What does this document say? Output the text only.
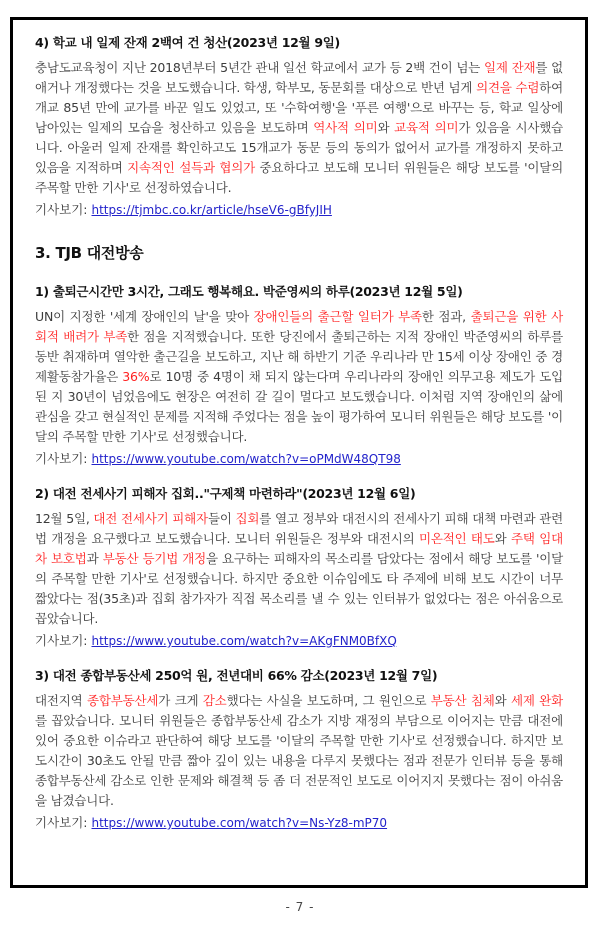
4) 학교 내 일제 잔재 2백여 건 청산(2023년 12월 9일)

충남도교육청이 지난 2018년부터 5년간 관내 일선 학교에서 교가 등 2백 건이 넘는 일제 잔재를 없애거나 개정했다는 것을 보도했습니다. 학생, 학부모, 동문회를 대상으로 반년 넘게 의견을 수렴하여 개교 85년 만에 교가를 바꾼 일도 있었고, 또 '수학여행'을 '푸른 여행'으로 바꾸는 등, 학교 일상에 남아있는 일제의 모습을 청산하고 있음을 보도하며 역사적 의미와 교육적 의미가 있음을 시사했습니다. 아울러 일제 잔재를 확인하고도 15개교가 동문 등의 동의가 없어서 교가를 개정하지 못하고 있음을 지적하며 지속적인 설득과 협의가 중요하다고 보도해 모니터 위원들은 해당 보도를 '이달의 주목할 만한 기사'로 선정하였습니다.

기사보기: https://tjmbc.co.kr/article/hseV6-gBfyJIH

3. TJB 대전방송
1) 출퇴근시간만 3시간, 그래도 행복해요. 박준영씨의 하루(2023년 12월 5일)

UN이 지정한 '세계 장애인의 날'을 맞아 장애인들의 출근할 일터가 부족한 점과, 출퇴근을 위한 사회적 배려가 부족한 점을 지적했습니다. 또한 당진에서 출퇴근하는 지적 장애인 박준영씨의 하루를 동반 취재하며 열악한 출근길을 보도하고, 지난 해 하반기 기준 우리나라 만 15세 이상 장애인 중 경제활동참가율은 36%로 10명 중 4명이 채 되지 않는다며 우리나라의 장애인 의무고용 제도가 도입된 지 30년이 넘었음에도 현장은 여전히 갈 길이 멀다고 보도했습니다. 이처럼 지역 장애인의 삶에 관심을 갖고 현실적인 문제를 지적해 주었다는 점을 높이 평가하여 모니터 위원들은 해당 보도를 '이달의 주목할 만한 기사'로 선정했습니다.

기사보기: https://www.youtube.com/watch?v=oPMdW48QT98

2) 대전 전세사기 피해자 집회.."구제책 마련하라"(2023년 12월 6일)

12월 5일, 대전 전세사기 피해자들이 집회를 열고 정부와 대전시의 전세사기 피해 대책 마련과 관련 법 개정을 요구했다고 보도했습니다. 모니터 위원들은 정부와 대전시의 미온적인 태도와 주택 임대차 보호법과 부동산 등기법 개정을 요구하는 피해자의 목소리를 담았다는 점에서 해당 보도를 '이달의 주목할 만한 기사'로 선정했습니다. 하지만 중요한 이슈임에도 타 주제에 비해 보도 시간이 너무 짧았다는 점(35초)과 집회 참가자가 직접 목소리를 낼 수 있는 인터뷰가 없었다는 점은 아쉬움으로 꼽았습니다.

기사보기: https://www.youtube.com/watch?v=AKgFNM0BfXQ

3) 대전 종합부동산세 250억 원, 전년대비 66% 감소(2023년 12월 7일)

대전지역 종합부동산세가 크게 감소했다는 사실을 보도하며, 그 원인으로 부동산 침체와 세제 완화를 꼽았습니다. 모니터 위원들은 종합부동산세 감소가 지방 재정의 부담으로 이어지는 만큼 대전에 있어 중요한 이슈라고 판단하여 해당 보도를 '이달의 주목할 만한 기사'로 선정했습니다. 하지만 보도시간이 30초도 안될 만큼 짧아 깊이 있는 내용을 다루지 못했다는 점과 전문가 인터뷰 등을 통해 종합부동산세 감소로 인한 문제와 해결책 등 좀 더 전문적인 보도로 이어지지 못했다는 점이 아쉬움을 남겼습니다.

기사보기: https://www.youtube.com/watch?v=Ns-Yz8-mP70

- 7 -
